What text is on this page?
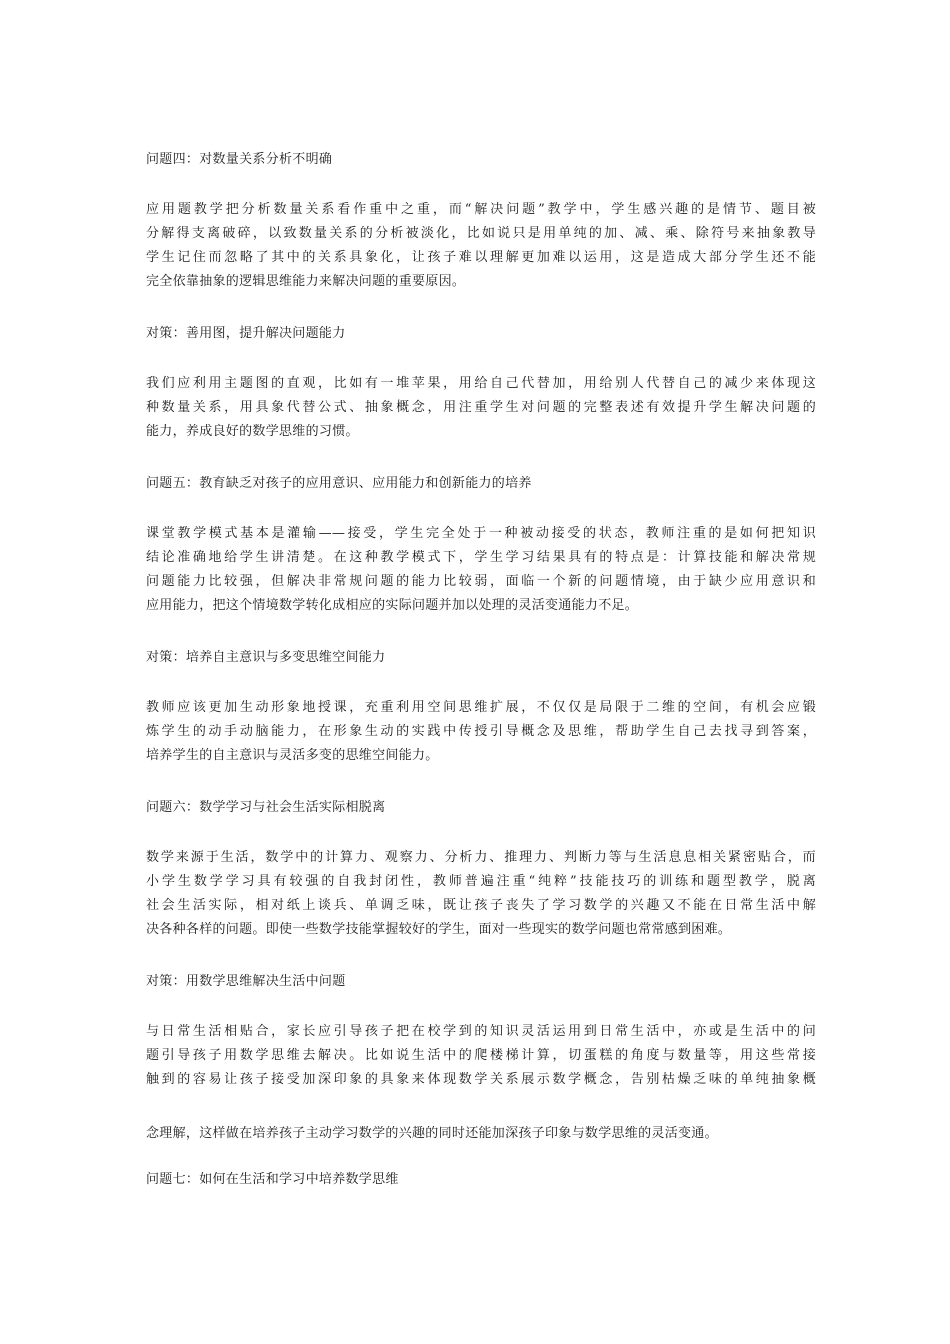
问题四：对数量关系分析不明确

应用题教学把分析数量关系看作重中之重，而“解决问题”教学中，学生感兴趣的是情节、题目被
分解得支离破碎，以致数量关系的分析被淡化，比如说只是用单纯的加、减、乘、除符号来抽象教导
学生记住而忽略了其中的关系具象化，让孩子难以理解更加难以运用，这是造成大部分学生还不能
完全依靠抽象的逻辑思维能力来解决问题的重要原因。

对策：善用图，提升解决问题能力

我们应利用主题图的直观，比如有一堆苹果，用给自己代替加，用给别人代替自己的减少来体现这
种数量关系，用具象代替公式、抽象概念，用注重学生对问题的完整表述有效提升学生解决问题的
能力，养成良好的数学思维的习惯。

问题五：教育缺乏对孩子的应用意识、应用能力和创新能力的培养

课堂教学模式基本是灌输——接受，学生完全处于一种被动接受的状态，教师注重的是如何把知识
结论准确地给学生讲清楚。在这种教学模式下，学生学习结果具有的特点是：计算技能和解决常规
问题能力比较强，但解决非常规问题的能力比较弱，面临一个新的问题情境，由于缺少应用意识和
应用能力，把这个情境数学转化成相应的实际问题并加以处理的灵活变通能力不足。

对策：培养自主意识与多变思维空间能力

教师应该更加生动形象地授课，充重利用空间思维扩展，不仅仅是局限于二维的空间，有机会应锻
炼学生的动手动脑能力，在形象生动的实践中传授引导概念及思维，帮助学生自己去找寻到答案，
培养学生的自主意识与灵活多变的思维空间能力。

问题六：数学学习与社会生活实际相脱离

数学来源于生活，数学中的计算力、观察力、分析力、推理力、判断力等与生活息息相关紧密贴合，而
小学生数学学习具有较强的自我封闭性，教师普遍注重“纯粹”技能技巧的训练和题型教学，脱离
社会生活实际，相对纸上谈兵、单调乏味，既让孩子丧失了学习数学的兴趣又不能在日常生活中解
决各种各样的问题。即使一些数学技能掌握较好的学生，面对一些现实的数学问题也常常感到困难。

对策：用数学思维解决生活中问题

与日常生活相贴合，家长应引导孩子把在校学到的知识灵活运用到日常生活中，亦或是生活中的问
题引导孩子用数学思维去解决。比如说生活中的爬楼梯计算，切蛋糕的角度与数量等，用这些常接
触到的容易让孩子接受加深印象的具象来体现数学关系展示数学概念，告别枯燥乏味的单纯抽象概

念理解，这样做在培养孩子主动学习数学的兴趣的同时还能加深孩子印象与数学思维的灵活变通。

问题七：如何在生活和学习中培养数学思维
